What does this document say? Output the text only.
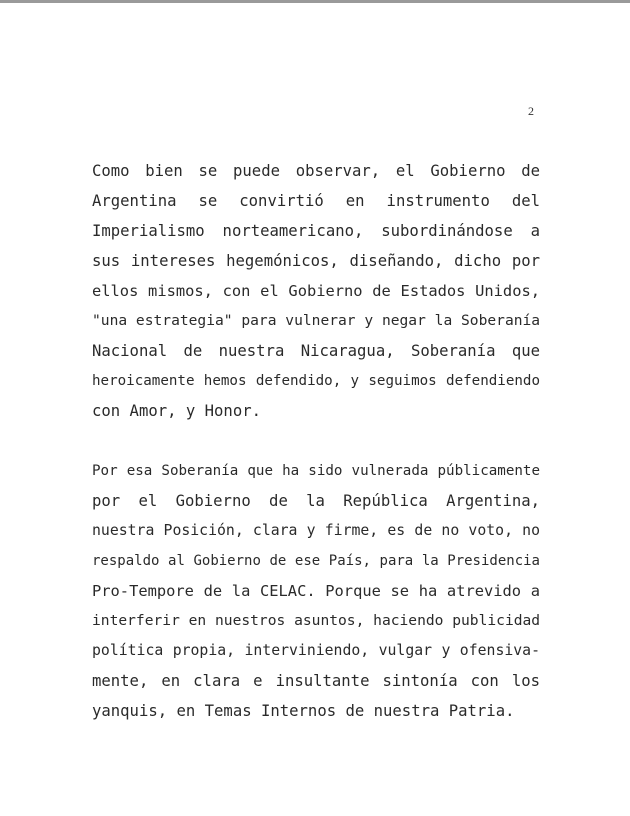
2
Como bien se puede observar, el Gobierno de
Argentina se convirtió en instrumento del
Imperialismo norteamericano, subordinándose a
sus intereses hegemónicos, diseñando, dicho por
ellos mismos, con el Gobierno de Estados Unidos,
"una estrategia" para vulnerar y negar la Soberanía
Nacional de nuestra Nicaragua, Soberanía que
heroicamente hemos defendido, y seguimos defendiendo
con Amor, y Honor.
Por esa Soberanía que ha sido vulnerada públicamente
por el Gobierno de la República Argentina,
nuestra Posición, clara y firme, es de no voto, no
respaldo al Gobierno de ese País, para la Presidencia
Pro-Tempore de la CELAC. Porque se ha atrevido a
interferir en nuestros asuntos, haciendo publicidad
política propia, interviniendo, vulgar y ofensiva-
mente, en clara e insultante sintonía con los
yanquis, en Temas Internos de nuestra Patria.
